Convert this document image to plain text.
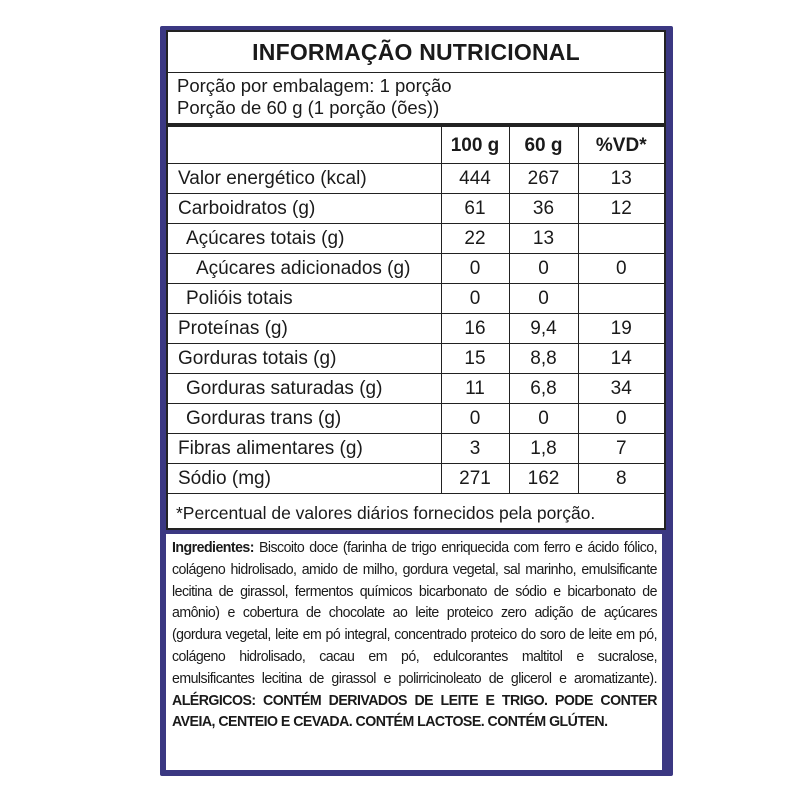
INFORMAÇÃO NUTRICIONAL
Porção por embalagem: 1 porção
Porção de 60 g (1 porção (ões))
	100 g	60 g	%VD*
Valor energético (kcal)	444	267	13
Carboidratos (g)	61	36	12
Açúcares totais (g)	22	13	
Açúcares adicionados (g)	0	0	0
Polióis totais	0	0	
Proteínas (g)	16	9,4	19
Gorduras totais (g)	15	8,8	14
Gorduras saturadas (g)	11	6,8	34
Gorduras trans (g)	0	0	0
Fibras alimentares (g)	3	1,8	7
Sódio (mg)	271	162	8
*Percentual de valores diários fornecidos pela porção.
Ingredientes: Biscoito doce (farinha de trigo enriquecida com ferro e ácido fólico, colágeno hidrolisado, amido de milho, gordura vegetal, sal marinho, emulsificante lecitina de girassol, fermentos químicos bicarbonato de sódio e bicarbonato de amônio) e cobertura de chocolate ao leite proteico zero adição de açúcares (gordura vegetal, leite em pó integral, concentrado proteico do soro de leite em pó, colágeno hidrolisado, cacau em pó, edulcorantes maltitol e sucralose, emulsificantes lecitina de girassol e polirricinoleato de glicerol e aromatizante). ALÉRGICOS: CONTÉM DERIVADOS DE LEITE E TRIGO. PODE CONTER AVEIA, CENTEIO E CEVADA. CONTÉM LACTOSE. CONTÉM GLÚTEN.
